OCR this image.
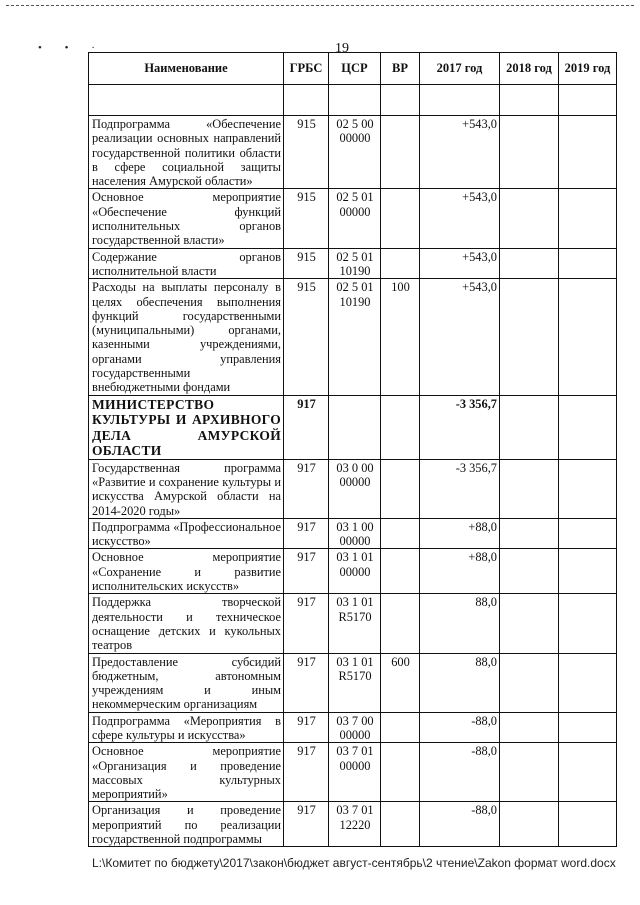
• • ·	19
Наименование	ГРБС	ЦСР	ВР	2017 год	2018 год	2019 год

Подпрограмма «Обеспечение реализации основных направлений государственной политики области в сфере социальной защиты населения Амурской области»	915	02 5 00 00000		+543,0		
Основное мероприятие «Обеспечение функций исполнительных органов государственной власти»	915	02 5 01 00000		+543,0		
Содержание органов исполнительной власти	915	02 5 01 10190		+543,0		
Расходы на выплаты персоналу в целях обеспечения выполнения функций государственными (муниципальными) органами, казенными учреждениями, органами управления государственными внебюджетными фондами	915	02 5 01 10190	100	+543,0		
МИНИСТЕРСТВО КУЛЬТУРЫ И АРХИВНОГО ДЕЛА АМУРСКОЙ ОБЛАСТИ	917			-3 356,7		
Государственная программа «Развитие и сохранение культуры и искусства Амурской области на 2014-2020 годы»	917	03 0 00 00000		-3 356,7		
Подпрограмма «Профессиональное искусство»	917	03 1 00 00000		+88,0		
Основное мероприятие «Сохранение и развитие исполнительских искусств»	917	03 1 01 00000		+88,0		
Поддержка творческой деятельности и техническое оснащение детских и кукольных театров	917	03 1 01 R5170		88,0		
Предоставление субсидий бюджетным, автономным учреждениям и иным некоммерческим организациям	917	03 1 01 R5170	600	88,0		
Подпрограмма «Мероприятия в сфере культуры и искусства»	917	03 7 00 00000		-88,0		
Основное мероприятие «Организация и проведение массовых культурных мероприятий»	917	03 7 01 00000		-88,0		
Организация и проведение мероприятий по реализации государственной подпрограммы	917	03 7 01 12220		-88,0		
L:\Комитет по бюджету\2017\закон\бюджет август-сентябрь\2 чтение\Zakon формат word.docx
